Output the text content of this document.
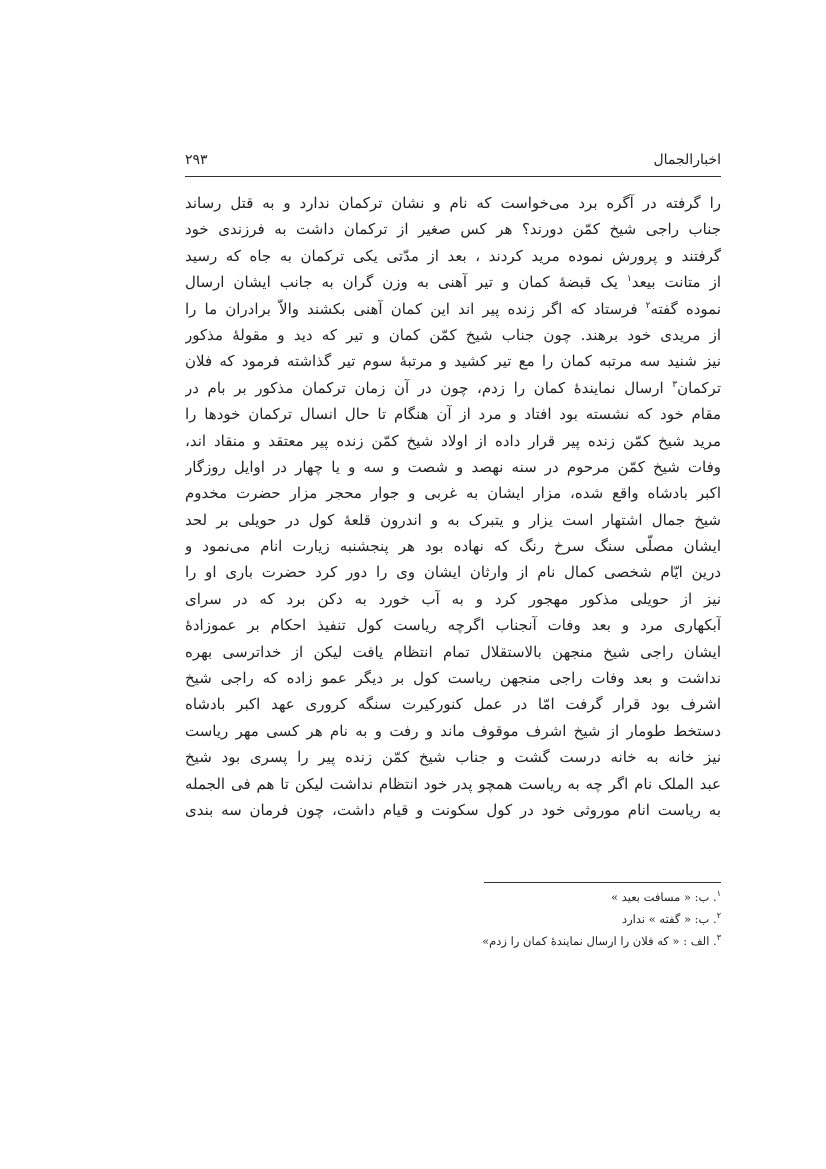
اخبارالجمال
۲۹۳
را گرفته در آگره برد می‌خواست که نام و نشان ترکمان ندارد و به قتل رساند
جناب راجی شیخ کمّن دورند؟ هر کس صغیر از ترکمان داشت به فرزندی خود
گرفتند و پرورش نموده مرید کردند ، بعد از مدّتی یکی ترکمان به جاه که رسید
از متانت بیعد$^۱$ یک قبضهٔ کمان و تیر آهنی به وزن گران به جانب ایشان ارسال
نموده گفته$^۲$ فرستاد که اگر زنده پیر اند این کمان آهنی بکشند والاّ برادران ما را
از مریدی خود برهند. چون جناب شیخ کمّن کمان و تیر که دید و مقولهٔ مذکور
نیز شنید سه مرتبه کمان را مع تیر کشید و مرتبهٔ سوم تیر گذاشته فرمود که فلان
ترکمان$^۳$ ارسال نمایندهٔ کمان را زدم، چون در آن زمان ترکمان مذکور بر بام در
مقام خود که نشسته بود افتاد و مرد از آن هنگام تا حال انسال ترکمان خودها را
مرید شیخ کمّن زنده پیر قرار داده از اولاد شیخ کمّن زنده پیر معتقد و منقاد اند،
وفات شیخ کمّن مرحوم در سنه نهصد و شصت و سه و یا چهار در اوایل روزگار
اکبر بادشاه واقع شده، مزار ایشان به غربی و جوار محجر مزار حضرت مخدوم
شیخ جمال اشتهار است یزار و یتبرک به و اندرون قلعهٔ کول در حویلی بر لحد
ایشان مصلّی سنگ سرخ رنگ که نهاده بود هر پنجشنبه زیارت انام می‌نمود و
درین ایّام شخصی کمال نام از وارثان ایشان وی را دور کرد حضرت باری او را
نیز از حویلی مذکور مهجور کرد و به آب خورد به دکن برد که در سرای
آبکهاری مرد و بعد وفات آنجناب اگرچه ریاست کول تنفیذ احکام بر عموزادهٔ
ایشان راجی شیخ منجهن بالاستقلال تمام انتظام یافت لیکن از خداترسی بهره
نداشت و بعد وفات راجی منجهن ریاست کول بر دیگر عمو زاده که راجی شیخ
اشرف بود قرار گرفت امّا در عمل کنورکیرت سنگه کروری عهد اکبر بادشاه
دستخط طومار از شیخ اشرف موقوف ماند و رفت و به نام هر کسی مهر ریاست
نیز خانه به خانه درست گشت و جناب شیخ کمّن زنده پیر را پسری بود شیخ
عبد الملک نام اگر چه به ریاست همچو پدر خود انتظام نداشت لیکن تا هم فی الجمله
به ریاست انام موروثی خود در کول سکونت و قیام داشت، چون فرمان سه بندی
$^۱$. ب: « مسافت بعید »
$^۲$. ب: « گفته » ندارد
$^۳$. الف : « که فلان را ارسال نمایندهٔ کمان را زدم»
